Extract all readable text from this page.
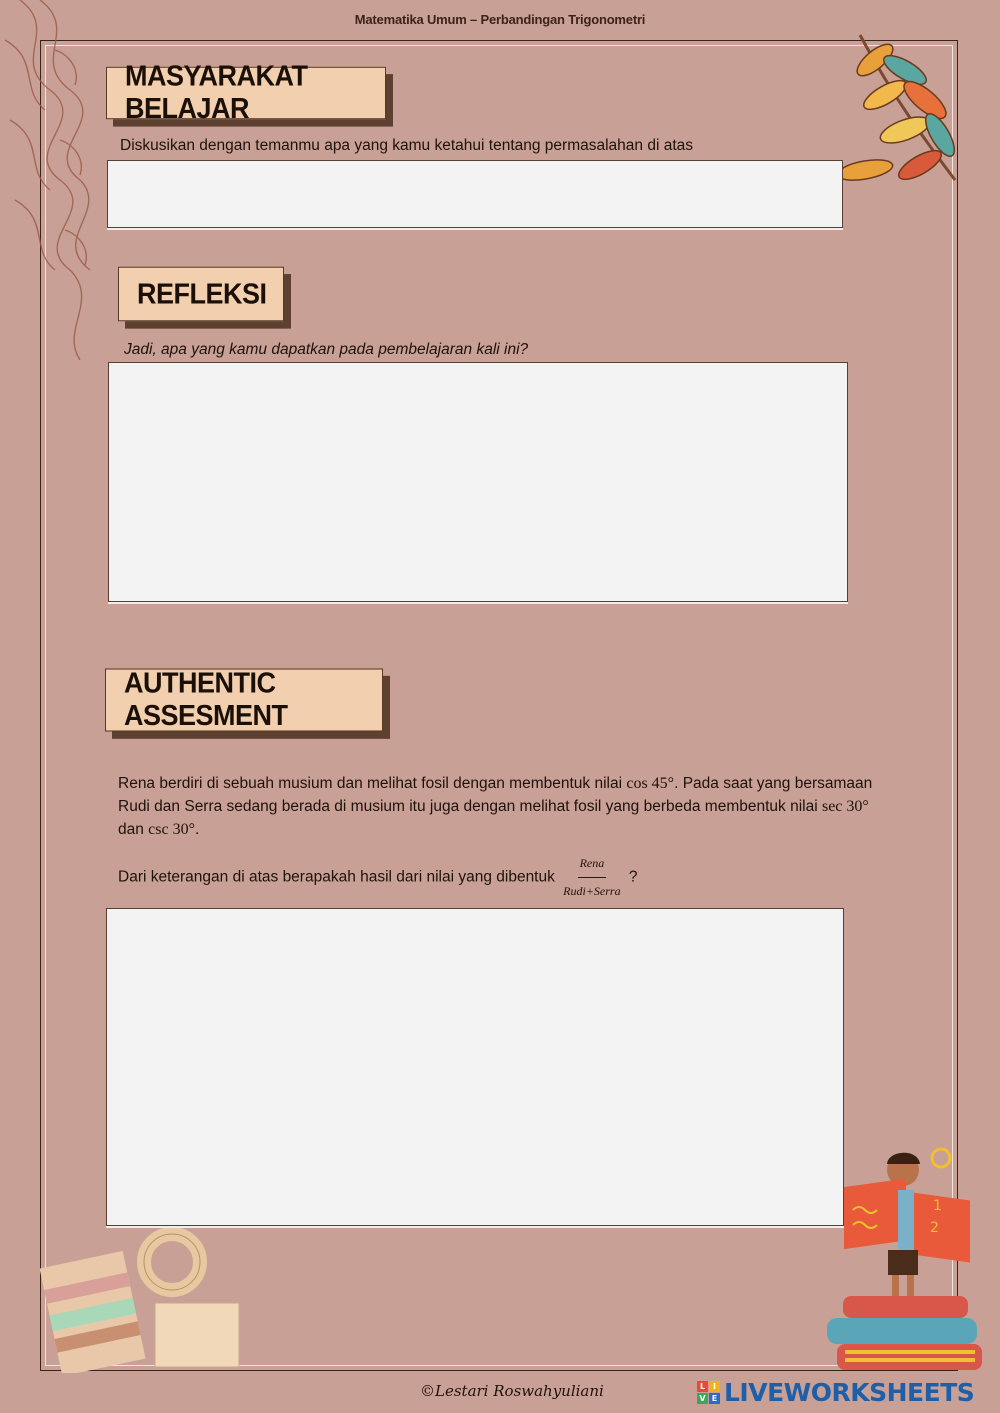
Matematika Umum – Perbandingan Trigonometri
MASYARAKAT BELAJAR
Diskusikan dengan temanmu apa yang kamu ketahui tentang permasalahan di atas
REFLEKSI
Jadi, apa yang kamu dapatkan pada pembelajaran kali ini?
AUTHENTIC ASSESMENT
Rena berdiri di sebuah musium dan melihat fosil dengan membentuk nilai cos 45°. Pada saat yang bersamaan Rudi dan Serra sedang berada di musium itu juga dengan melihat fosil yang berbeda membentuk nilai sec 30° dan csc 30°.
Dari keterangan di atas berapakah hasil dari nilai yang dibentuk $\frac{\text{Rena}}{\text{Rudi+Serra}}$ ?
1
2
©Lestari Roswahyuliani	L I
V E LIVEWORKSHEETS
